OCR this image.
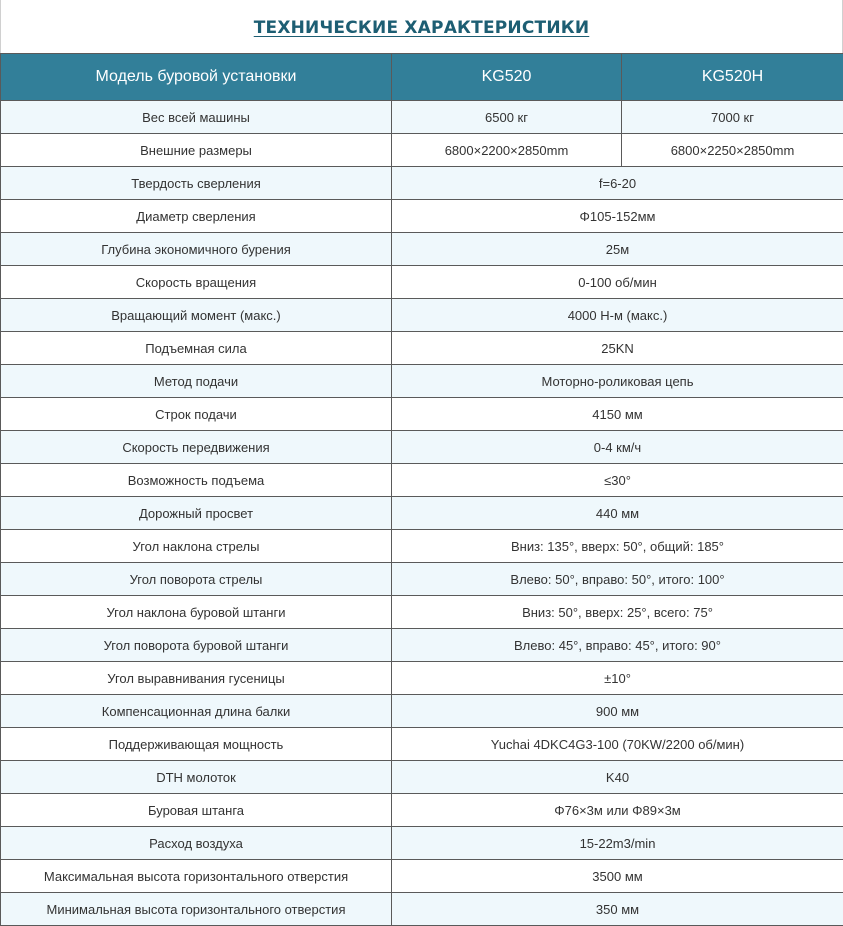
ТЕХНИЧЕСКИЕ ХАРАКТЕРИСТИКИ
Модель буровой установки	KG520	KG520H
Вес всей машины	6500 кг	7000 кг
Внешние размеры	6800×2200×2850mm	6800×2250×2850mm
Твердость сверления	f=6-20	
Диаметр сверления	Φ105-152мм	
Глубина экономичного бурения	25м	
Скорость вращения	0-100 об/мин	
Вращающий момент (макс.)	4000 Н-м (макс.)	
Подъемная сила	25KN	
Метод подачи	Моторно-роликовая цепь	
Строк подачи	4150 мм	
Скорость передвижения	0-4 км/ч	
Возможность подъема	≤30°	
Дорожный просвет	440 мм	
Угол наклона стрелы	Вниз: 135°, вверх: 50°, общий: 185°	
Угол поворота стрелы	Влево: 50°, вправо: 50°, итого: 100°	
Угол наклона буровой штанги	Вниз: 50°, вверх: 25°, всего: 75°	
Угол поворота буровой штанги	Влево: 45°, вправо: 45°, итого: 90°	
Угол выравнивания гусеницы	±10°	
Компенсационная длина балки	900 мм	
Поддерживающая мощность	Yuchai 4DKC4G3-100 (70KW/2200 об/мин)	
DTH молоток	K40	
Буровая штанга	Φ76×3м или Φ89×3м	
Расход воздуха	15-22m3/min	
Максимальная высота горизонтального отверстия	3500 мм	
Минимальная высота горизонтального отверстия	350 мм	
